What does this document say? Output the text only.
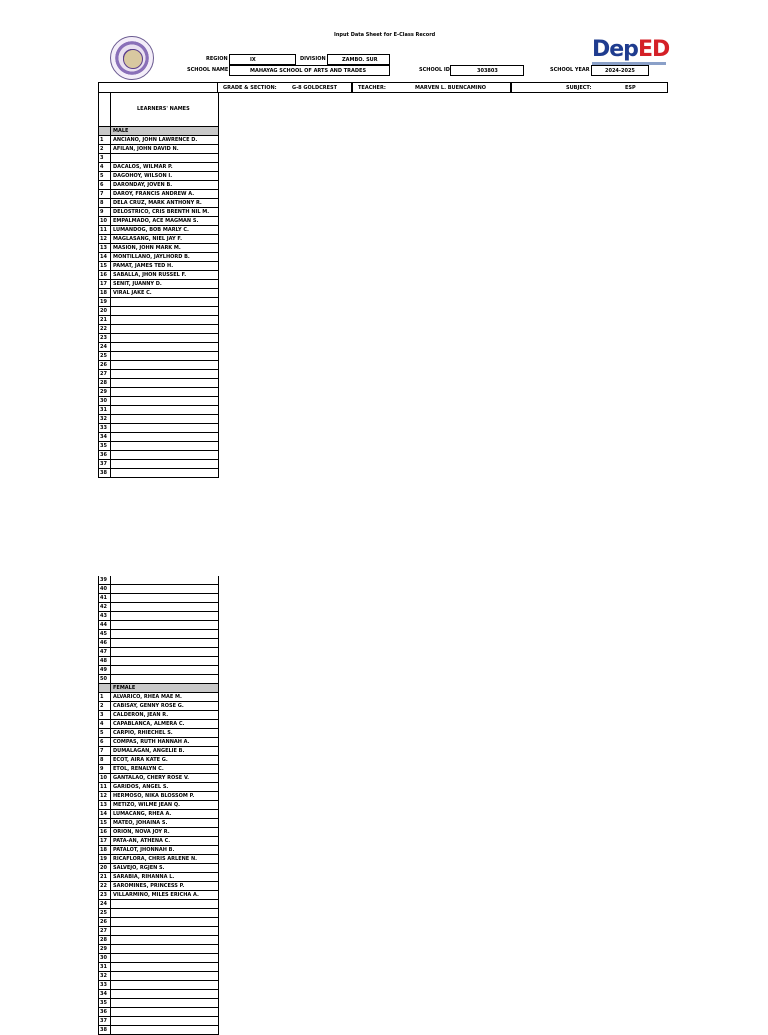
Input Data Sheet for E-Class Record
DepED
REGION	IX	DIVISION	ZAMBO. SUR
SCHOOL NAME	MAHAYAG SCHOOL OF ARTS AND TRADES	SCHOOL ID	303803	SCHOOL YEAR	2024-2025
GRADE & SECTION:	G-8 GOLDCREST	TEACHER:	MARVEN L. BUENCAMINO	SUBJECT:	ESP
LEARNERS' NAMES
MALE
1	ANCIANO, JOHN LAWRENCE D.
2	AFILAN, JOHN DAVID N.
3
4	DACALOS, WILMAR P.
5	DAGOHOY, WILSON I.
6	DARONDAY, JOVEN B.
7	DAROY, FRANCIS ANDREW A.
8	DELA CRUZ, MARK ANTHONY R.
9	DELOSTRICO, CRIS BRENTH NIL M.
10	EMPALMADO, ACE MAGMAN S.
11	LUMANDOG, BOB MARLY C.
12	MAGLASANG, NIEL JAY F.
13	MASION, JOHN MARK M.
14	MONTILLANO, JAYLHORD B.
15	PAMAT, JAMES TED H.
16	SABALLA, JHON RUSSEL F.
17	SENIT, JUANNY D.
18	VIRAL JAKE C.
19
20
21
22
23
24
25
26
27
28
29
30
31
32
33
34
35
36
37
38
39
40
41
42
43
44
45
46
47
48
49
50
FEMALE
1	ALVARICO, RHEA MAE M.
2	CABISAY, GENNY ROSE G.
3	CALDERON, JEAN R.
4	CAPABLANCA, ALMERA C.
5	CARPIO, RHIECHEL S.
6	COMPAS, RUTH HANNAH A.
7	DUMALAGAN, ANGELIE B.
8	ECOT, AIRA KATE G.
9	ETOL, RENALYN C.
10	GANTALAO, CHERY ROSE V.
11	GARIDOS, ANGEL S.
12	HERMOSO, NIKA BLOSSOM P.
13	METIZO, WILME JEAN Q.
14	LUMACANG, RHEA A.
15	MATEO, JOHAINA S.
16	ORION, NOVA JOY R.
17	PATA-AN, ATHENA C.
18	PATALOT, JHONNAH B.
19	RICAFLORA, CHRIS ARLENE N.
20	SALVEJO, RGJEN S.
21	SARABIA, RIHANNA L.
22	SAROMINES, PRINCESS P.
23	VILLARMINO, MILES ERICHA A.
24
25
26
27
28
29
30
31
32
33
34
35
36
37
38
